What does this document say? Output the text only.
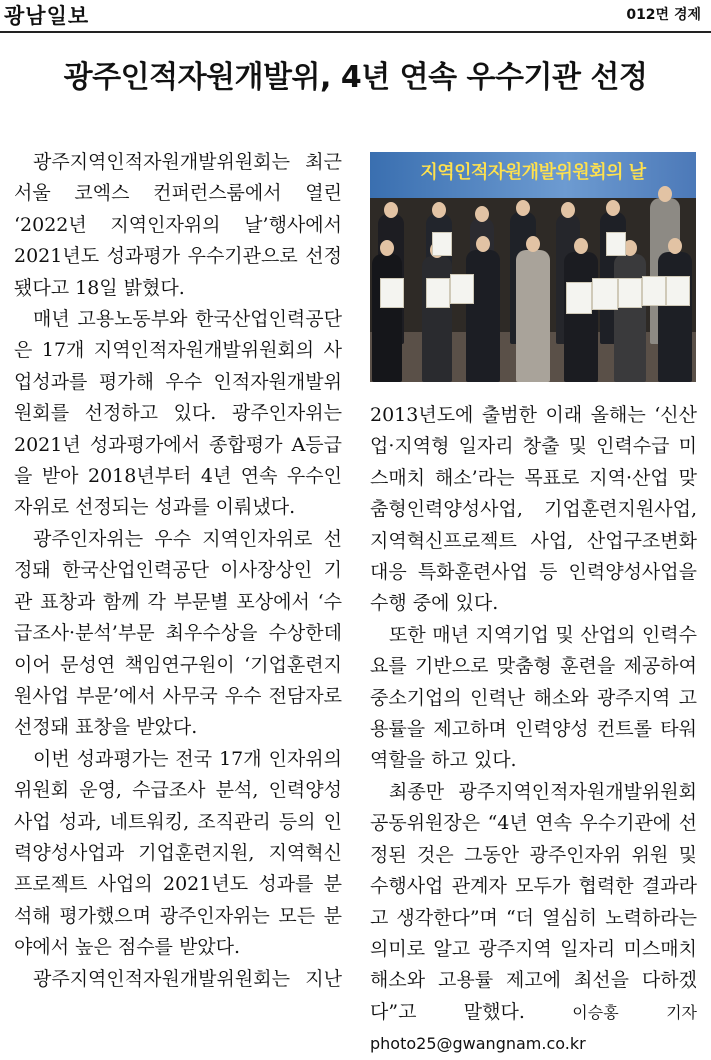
광남일보	012면 경제
광주인적자원개발위, 4년 연속 우수기관 선정

광주지역인적자원개발위원회는 최근 서울 코엑스 컨퍼런스룸에서 열린 ‘2022년 지역인자위의 날’행사에서 2021년도 성과평가 우수기관으로 선정됐다고 18일 밝혔다.

매년 고용노동부와 한국산업인력공단은 17개 지역인적자원개발위원회의 사업성과를 평가해 우수 인적자원개발위원회를 선정하고 있다. 광주인자위는 2021년 성과평가에서 종합평가 A등급을 받아 2018년부터 4년 연속 우수인자위로 선정되는 성과를 이뤄냈다.

광주인자위는 우수 지역인자위로 선정돼 한국산업인력공단 이사장상인 기관 표창과 함께 각 부문별 포상에서 ‘수급조사·분석’부문 최우수상을 수상한데 이어 문성연 책임연구원이 ‘기업훈련지원사업 부문’에서 사무국 우수 전담자로 선정돼 표창을 받았다.

이번 성과평가는 전국 17개 인자위의 위원회 운영, 수급조사 분석, 인력양성 사업 성과, 네트워킹, 조직관리 등의 인력양성사업과 기업훈련지원, 지역혁신프로젝트 사업의 2021년도 성과를 분석해 평가했으며 광주인자위는 모든 분야에서 높은 점수를 받았다.

광주지역인적자원개발위원회는 지난

지역인적자원개발위원회의 날

2013년도에 출범한 이래 올해는 ‘신산업·지역형 일자리 창출 및 인력수급 미스매치 해소’라는 목표로 지역·산업 맞춤형인력양성사업, 기업훈련지원사업, 지역혁신프로젝트 사업, 산업구조변화대응 특화훈련사업 등 인력양성사업을 수행 중에 있다.

또한 매년 지역기업 및 산업의 인력수요를 기반으로 맞춤형 훈련을 제공하여 중소기업의 인력난 해소와 광주지역 고용률을 제고하며 인력양성 컨트롤 타워 역할을 하고 있다.

최종만 광주지역인적자원개발위원회 공동위원장은 “4년 연속 우수기관에 선정된 것은 그동안 광주인자위 위원 및 수행사업 관계자 모두가 협력한 결과라고 생각한다”며 “더 열심히 노력하라는 의미로 알고 광주지역 일자리 미스매치 해소와 고용률 제고에 최선을 다하겠다”고 말했다.	이승홍 기자 photo25@gwangnam.co.kr
